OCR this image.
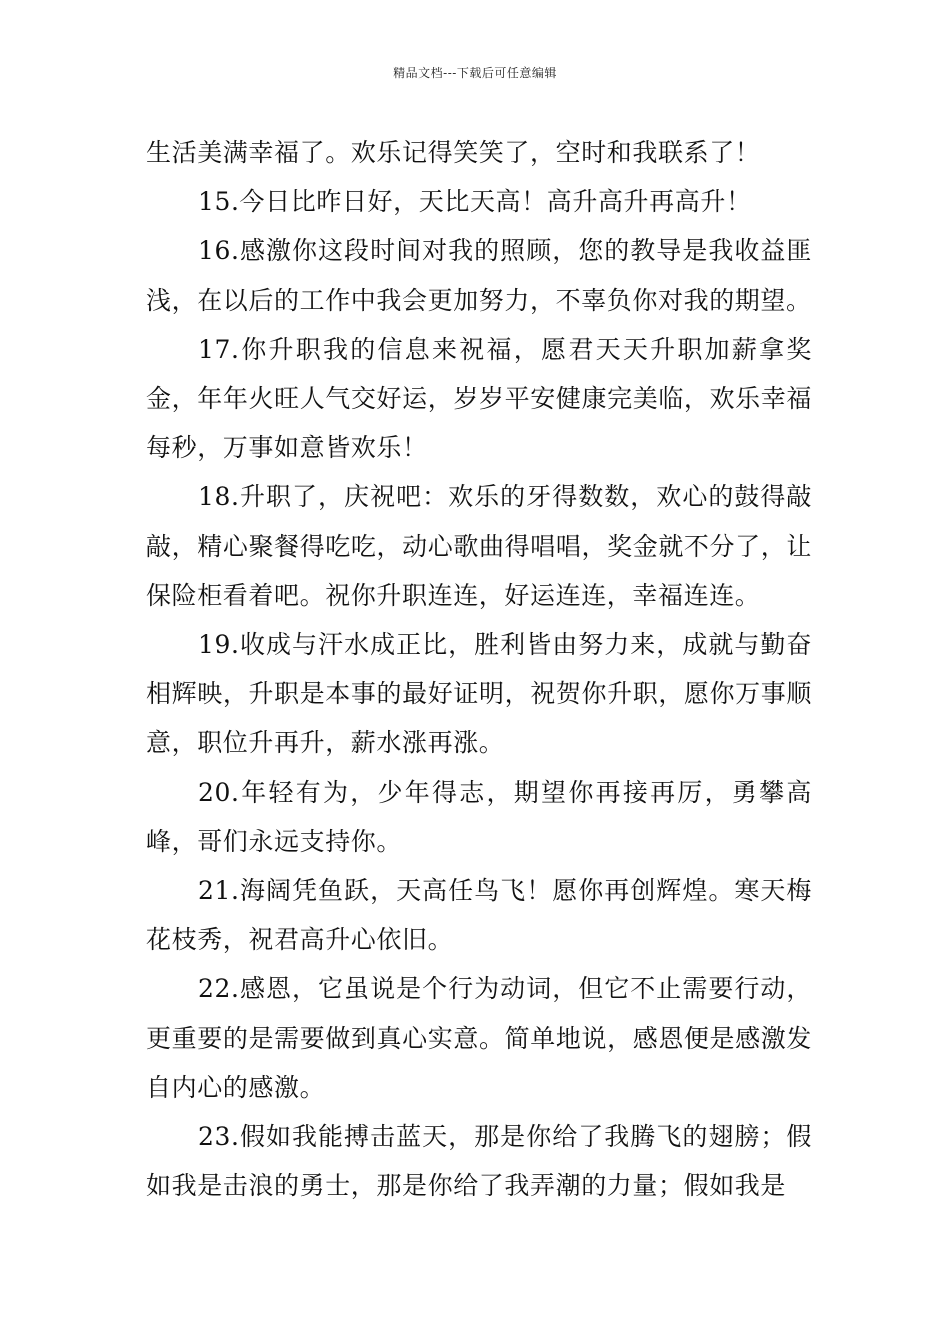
精品文档---下载后可任意编辑

生活美满幸福了。欢乐记得笑笑了，空时和我联系了！

15.今日比昨日好，天比天高！高升高升再高升！

16.感激你这段时间对我的照顾，您的教导是我收益匪浅，在以后的工作中我会更加努力，不辜负你对我的期望。

17.你升职我的信息来祝福，愿君天天升职加薪拿奖金，年年火旺人气交好运，岁岁平安健康完美临，欢乐幸福每秒，万事如意皆欢乐！

18.升职了，庆祝吧：欢乐的牙得数数，欢心的鼓得敲敲，精心聚餐得吃吃，动心歌曲得唱唱，奖金就不分了，让保险柜看着吧。祝你升职连连，好运连连，幸福连连。

19.收成与汗水成正比，胜利皆由努力来，成就与勤奋相辉映，升职是本事的最好证明，祝贺你升职，愿你万事顺意，职位升再升，薪水涨再涨。

20.年轻有为，少年得志，期望你再接再厉，勇攀高峰，哥们永远支持你。

21.海阔凭鱼跃，天高任鸟飞！愿你再创辉煌。寒天梅花枝秀，祝君高升心依旧。

22.感恩，它虽说是个行为动词，但它不止需要行动，更重要的是需要做到真心实意。简单地说，感恩便是感激发自内心的感激。

23.假如我能搏击蓝天，那是你给了我腾飞的翅膀；假如我是击浪的勇士，那是你给了我弄潮的力量；假如我是
